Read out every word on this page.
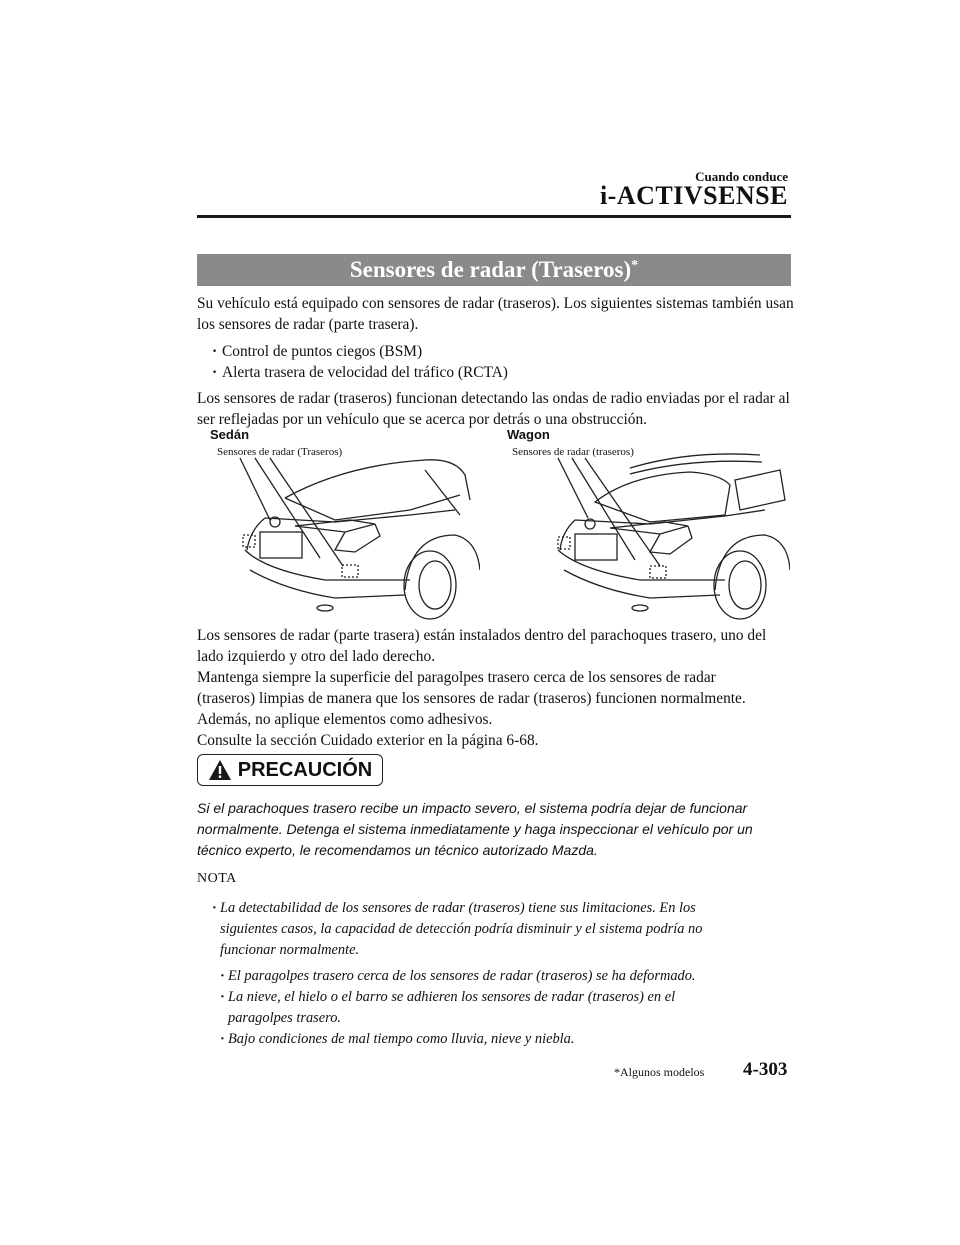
Cuando conduce
i-ACTIVSENSE
Sensores de radar (Traseros)*
Su vehículo está equipado con sensores de radar (traseros). Los siguientes sistemas también usan los sensores de radar (parte trasera).
· Control de puntos ciegos (BSM)
· Alerta trasera de velocidad del tráfico (RCTA)
Los sensores de radar (traseros) funcionan detectando las ondas de radio enviadas por el radar al ser reflejadas por un vehículo que se acerca por detrás o una obstrucción.
Sedán
Sensores de radar (Traseros)
Wagon
Sensores de radar (traseros)
Los sensores de radar (parte trasera) están instalados dentro del parachoques trasero, uno del
lado izquierdo y otro del lado derecho.
Mantenga siempre la superficie del paragolpes trasero cerca de los sensores de radar
(traseros) limpias de manera que los sensores de radar (traseros) funcionen normalmente.
Además, no aplique elementos como adhesivos.
Consulte la sección Cuidado exterior en la página 6-68.
PRECAUCIÓN
Si el parachoques trasero recibe un impacto severo, el sistema podría dejar de funcionar
normalmente. Detenga el sistema inmediatamente y haga inspeccionar el vehículo por un
técnico experto, le recomendamos un técnico autorizado Mazda.
NOTA
· La detectabilidad de los sensores de radar (traseros) tiene sus limitaciones. En los
siguientes casos, la capacidad de detección podría disminuir y el sistema podría no
funcionar normalmente.
· El paragolpes trasero cerca de los sensores de radar (traseros) se ha deformado.
· La nieve, el hielo o el barro se adhieren los sensores de radar (traseros) en el
paragolpes trasero.
· Bajo condiciones de mal tiempo como lluvia, nieve y niebla.
*Algunos modelos 4-303
